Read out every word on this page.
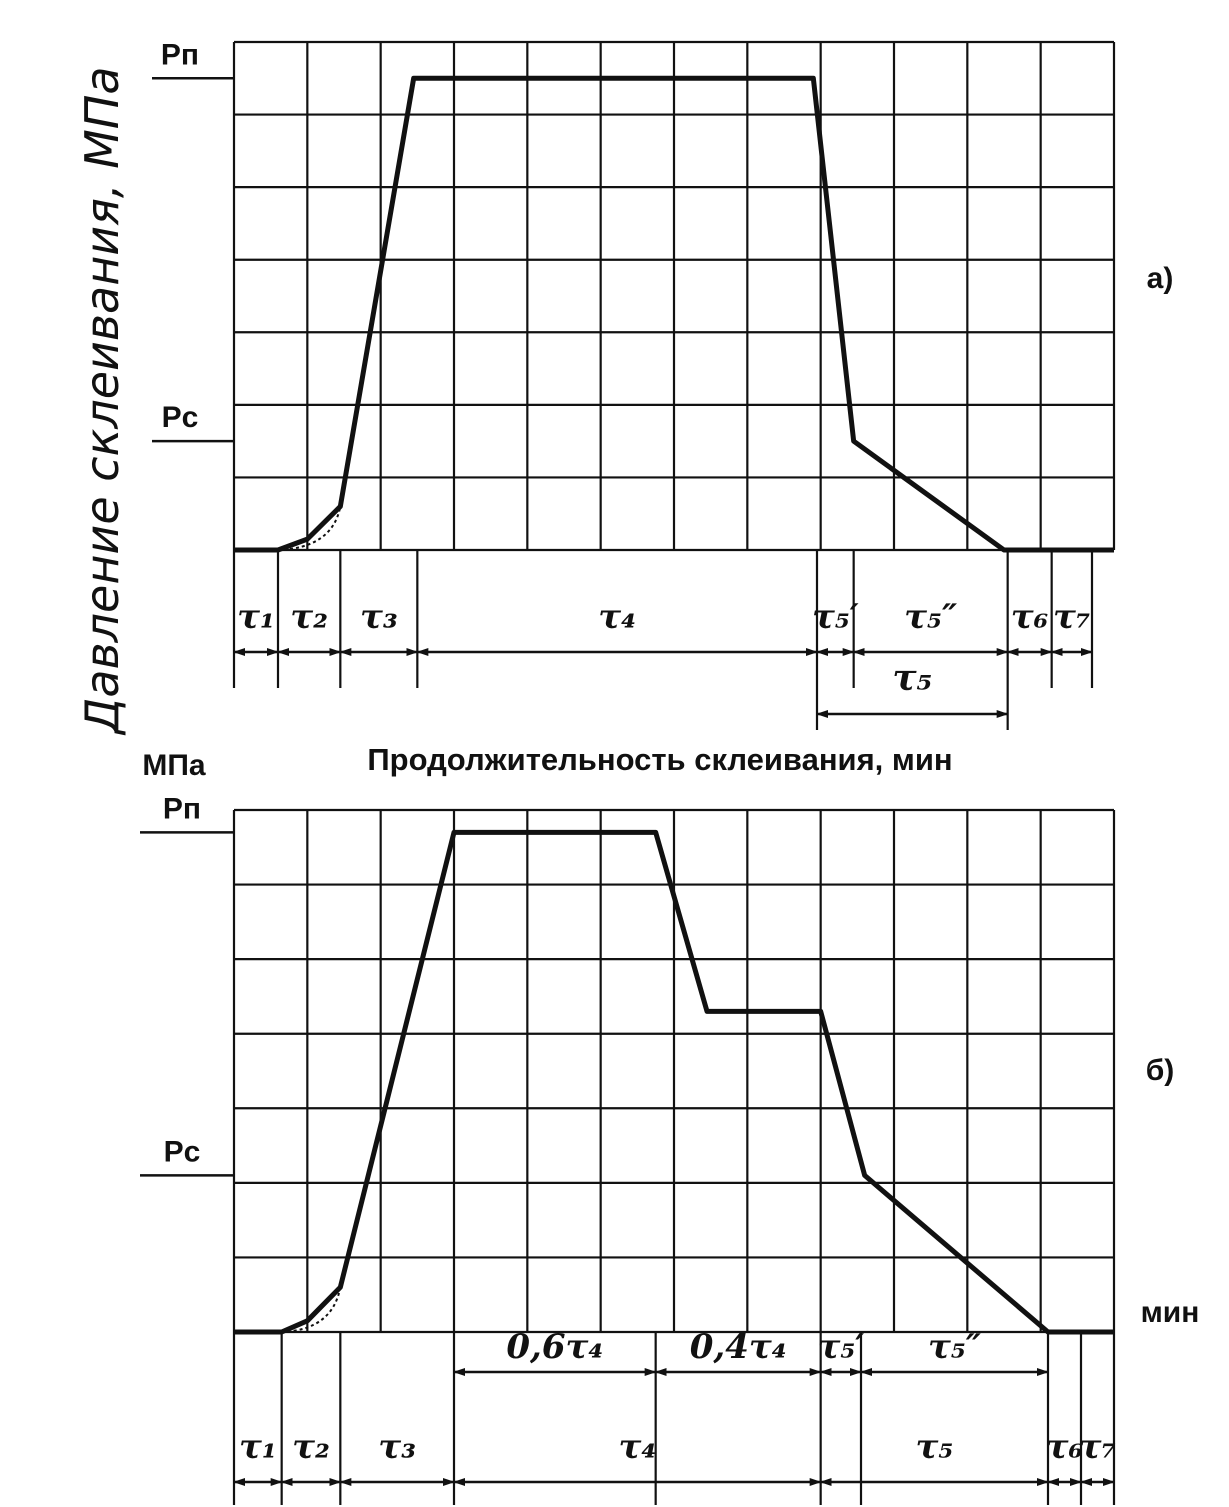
Рп
Рс
τ₁ τ₂ τ₃	τ₄	τ₅′ τ₅″ τ₆ τ₇
τ₅
а)
Давление склеивания, МПа
Продолжительность склеивания, мин
Рп
Рс
τ₁ τ₂ τ₃	τ₄	τ₅	τ₆
τ₇
0,6τ₄	0,4τ₄ τ₅′ τ₅″
б)
МПа
мин
